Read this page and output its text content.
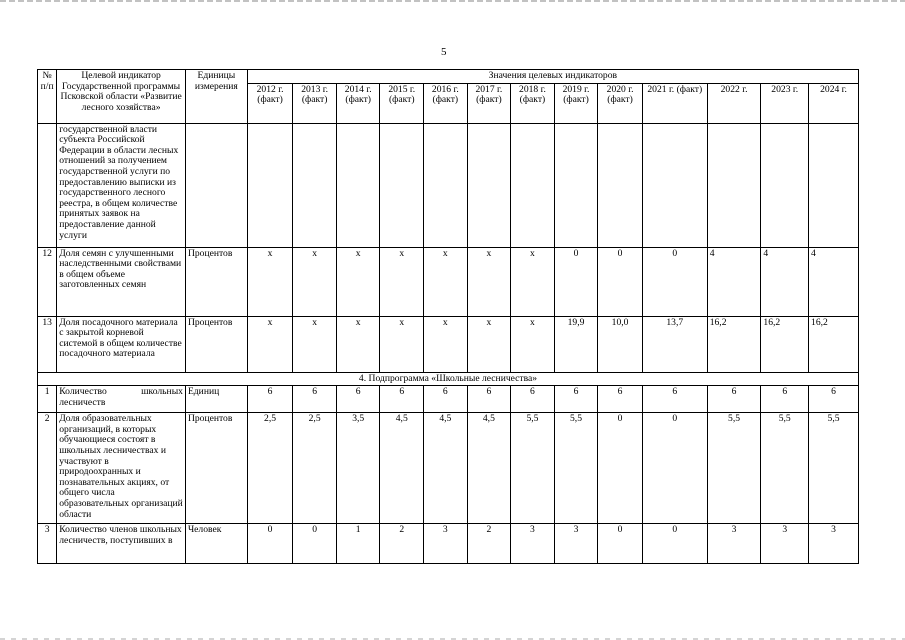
5
№
п/п	Целевой индикатор Государственной программы Псковской области «Развитие лесного хозяйства»	Единицы измерения	Значения целевых индикаторов												
			2012 г. (факт)	2013 г. (факт)	2014 г. (факт)	2015 г. (факт)	2016 г. (факт)	2017 г. (факт)	2018 г. (факт)	2019 г. (факт)	2020 г. (факт)	2021 г. (факт)	2022 г.	2023 г.	2024 г.
	государственной власти субъекта Российской Федерации в области лесных отношений за получением государственной услуги по предоставлению выписки из государственного лесного реестра, в общем количестве принятых заявок на предоставление данной услуги														
12	Доля семян с улучшенными наследственными свойствами в общем объеме заготовленных семян	Процентов	x	x	x	x	x	x	x	0	0	0	4	4	4
13	Доля посадочного материала с закрытой корневой системой в общем количестве посадочного материала	Процентов	x	x	x	x	x	x	x	19,9	10,0	13,7	16,2	16,2	16,2
4. Подпрограмма «Школьные лесничества»															
1	Количество школьных лесничеств	Единиц	6	6	6	6	6	6	6	6	6	6	6	6	6
2	Доля образовательных организаций, в которых обучающиеся состоят в школьных лесничествах и участвуют в природоохранных и познавательных акциях, от общего числа образовательных организаций области	Процентов	2,5	2,5	3,5	4,5	4,5	4,5	5,5	5,5	0	0	5,5	5,5	5,5
3	Количество членов школьных лесничеств, поступивших в	Человек	0	0	1	2	3	2	3	3	0	0	3	3	3
